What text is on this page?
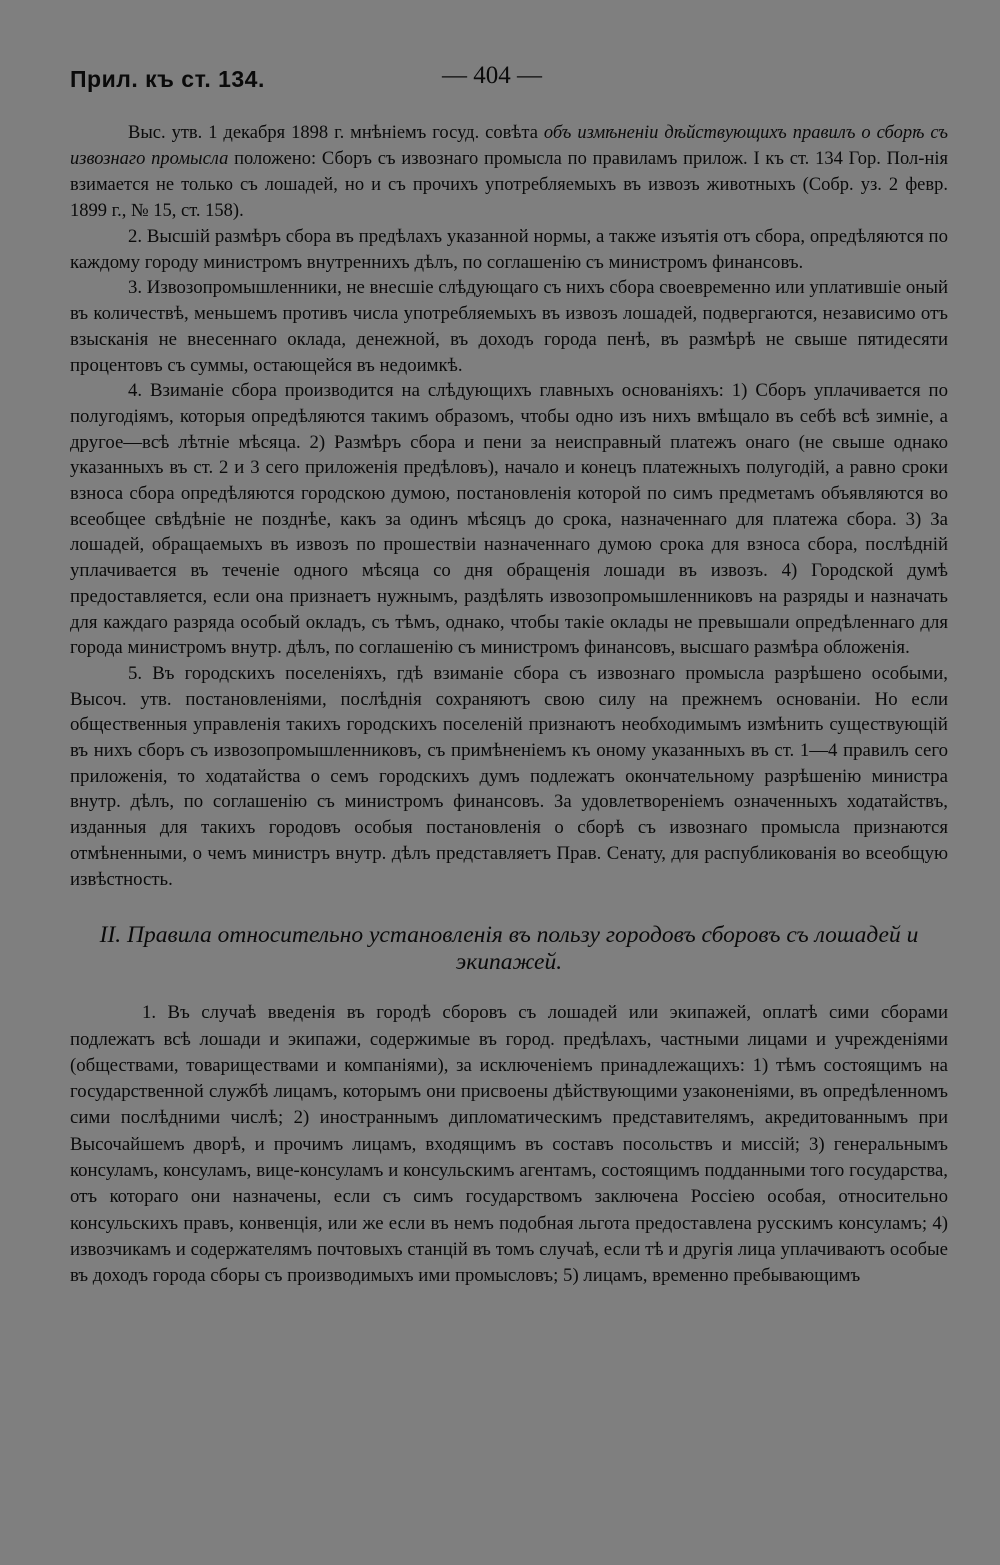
Прил. къ ст. 134.	— 404 —

Выс. утв. 1 декабря 1898 г. мнѣніемъ госуд. совѣта объ измѣненіи дѣйствующихъ правилъ о сборѣ съ извознаго промысла положено: Сборъ съ извознаго промысла по правиламъ прилож. I къ ст. 134 Гор. Пол-нія взимается не только съ лошадей, но и съ прочихъ употребляемыхъ въ извозъ животныхъ (Собр. уз. 2 февр. 1899 г., № 15, ст. 158).

2. Высшій размѣръ сбора въ предѣлахъ указанной нормы, а также изъятія отъ сбора, опредѣляются по каждому городу министромъ внутреннихъ дѣлъ, по соглашенію съ министромъ финансовъ.

3. Извозопромышленники, не внесшіе слѣдующаго съ нихъ сбора своевременно или уплатившіе оный въ количествѣ, меньшемъ противъ числа употребляемыхъ въ извозъ лошадей, подвергаются, независимо отъ взысканія не внесеннаго оклада, денежной, въ доходъ города пенѣ, въ размѣрѣ не свыше пятидесяти процентовъ съ суммы, остающейся въ недоимкѣ.

4. Взиманіе сбора производится на слѣдующихъ главныхъ основаніяхъ: 1) Сборъ уплачивается по полугодіямъ, которыя опредѣляются такимъ образомъ, чтобы одно изъ нихъ вмѣщало въ себѣ всѣ зимніе, а другое—всѣ лѣтніе мѣсяца. 2) Размѣръ сбора и пени за неисправный платежъ онаго (не свыше однако указанныхъ въ ст. 2 и 3 сего приложенія предѣловъ), начало и конецъ платежныхъ полугодій, а равно сроки взноса сбора опредѣляются городскою думою, постановленія которой по симъ предметамъ объявляются во всеобщее свѣдѣніе не позднѣе, какъ за одинъ мѣсяцъ до срока, назначеннаго для платежа сбора. 3) За лошадей, обращаемыхъ въ извозъ по прошествіи назначеннаго думою срока для взноса сбора, послѣдній уплачивается въ теченіе одного мѣсяца со дня обращенія лошади въ извозъ. 4) Городской думѣ предоставляется, если она признаетъ нужнымъ, раздѣлять извозопромышленниковъ на разряды и назначать для каждаго разряда особый окладъ, съ тѣмъ, однако, чтобы такіе оклады не превышали опредѣленнаго для города министромъ внутр. дѣлъ, по соглашенію съ министромъ финансовъ, высшаго размѣра обложенія.

5. Въ городскихъ поселеніяхъ, гдѣ взиманіе сбора съ извознаго промысла разрѣшено особыми, Высоч. утв. постановленіями, послѣднія сохраняютъ свою силу на прежнемъ основаніи. Но если общественныя управленія такихъ городскихъ поселеній признаютъ необходимымъ измѣнить существующій въ нихъ сборъ съ извозопромышленниковъ, съ примѣненіемъ къ оному указанныхъ въ ст. 1—4 правилъ сего приложенія, то ходатайства о семъ городскихъ думъ подлежатъ окончательному разрѣшенію министра внутр. дѣлъ, по соглашенію съ министромъ финансовъ. За удовлетвореніемъ означенныхъ ходатайствъ, изданныя для такихъ городовъ особыя постановленія о сборѣ съ извознаго промысла признаются отмѣненными, о чемъ министръ внутр. дѣлъ представляетъ Прав. Сенату, для распубликованія во всеобщую извѣстность.

II. Правила относительно установленія въ пользу городовъ сборовъ съ лошадей и экипажей.

1. Въ случаѣ введенія въ городѣ сборовъ съ лошадей или экипажей, оплатѣ сими сборами подлежатъ всѣ лошади и экипажи, содержимые въ город. предѣлахъ, частными лицами и учрежденіями (обществами, товариществами и компаніями), за исключеніемъ принадлежащихъ: 1) тѣмъ состоящимъ на государственной службѣ лицамъ, которымъ они присвоены дѣйствующими узаконеніями, въ опредѣленномъ сими послѣдними числѣ; 2) иностраннымъ дипломатическимъ представителямъ, акредитованнымъ при Высочайшемъ дворѣ, и прочимъ лицамъ, входящимъ въ составъ посольствъ и миссій; 3) генеральнымъ консуламъ, консуламъ, вице-консуламъ и консульскимъ агентамъ, состоящимъ подданными того государства, отъ котораго они назначены, если съ симъ государствомъ заключена Россіею особая, относительно консульскихъ правъ, конвенція, или же если въ немъ подобная льгота предоставлена русскимъ консуламъ; 4) извозчикамъ и содержателямъ почтовыхъ станцій въ томъ случаѣ, если тѣ и другія лица уплачиваютъ особые въ доходъ города сборы съ производимыхъ ими промысловъ; 5) лицамъ, временно пребывающимъ
